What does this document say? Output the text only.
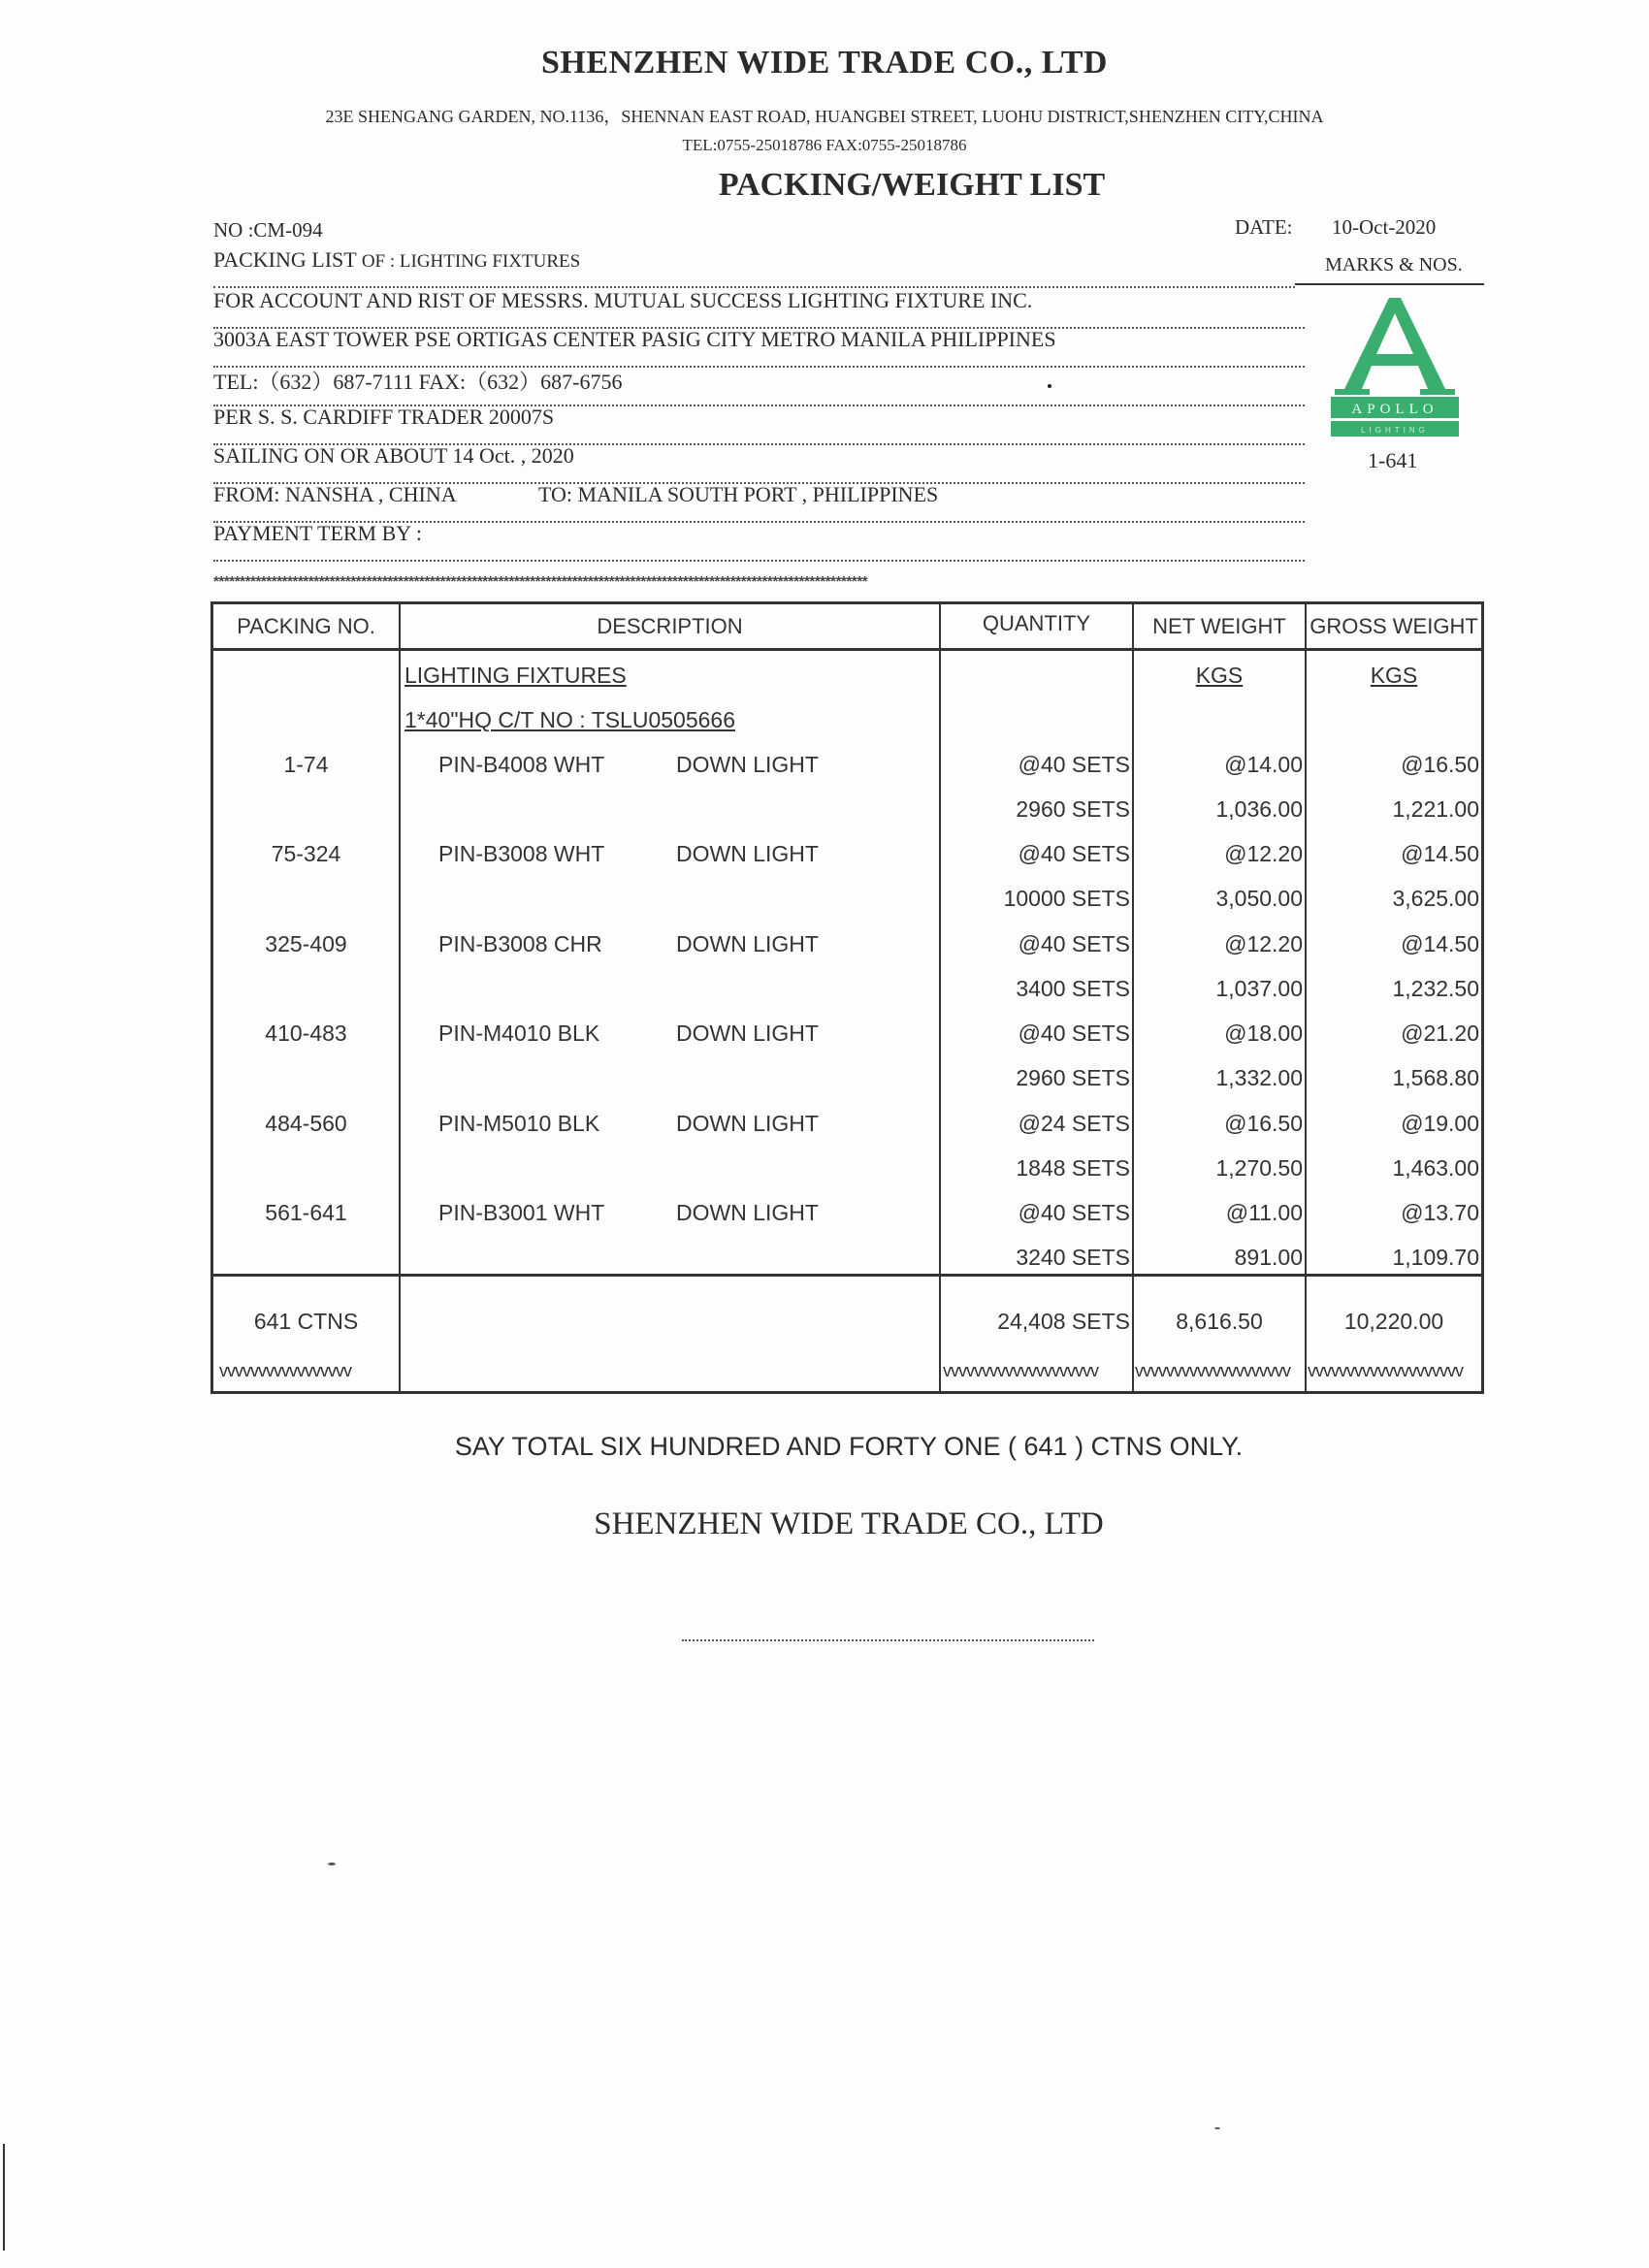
SHENZHEN WIDE TRADE CO., LTD
23E SHENGANG GARDEN, NO.1136，SHENNAN EAST ROAD, HUANGBEI STREET, LUOHU DISTRICT,SHENZHEN CITY,CHINA
TEL:0755-25018786 FAX:0755-25018786
PACKING/WEIGHT LIST
NO :CM-094	DATE: 10-Oct-2020
MARKS & NOS.
PACKING LIST OF : LIGHTING FIXTURES
FOR ACCOUNT AND RIST OF MESSRS. MUTUAL SUCCESS LIGHTING FIXTURE INC.
3003A EAST TOWER PSE ORTIGAS CENTER PASIG CITY METRO MANILA PHILIPPINES
TEL:（632）687-7111 FAX:（632）687-6756
PER S. S. CARDIFF TRADER 20007S
SAILING ON OR ABOUT 14 Oct. , 2020
FROM: NANSHA , CHINA	TO: MANILA SOUTH PORT , PHILIPPINES
PAYMENT TERM BY :
APOLLO
LIGHTING
1-641
****************************************************************************************************************************
PACKING NO.	DESCRIPTION	QUANTITY	NET WEIGHT	GROSS WEIGHT
LIGHTING FIXTURES
1*40"HQ C/T NO : TSLU0505666
KGS	KGS
1-74	PIN-B4008 WHT	DOWN LIGHT	@40 SETS	@14.00	@16.50
2960 SETS	1,036.00	1,221.00
75-324	PIN-B3008 WHT	DOWN LIGHT	@40 SETS	@12.20	@14.50
10000 SETS	3,050.00	3,625.00
325-409	PIN-B3008 CHR	DOWN LIGHT	@40 SETS	@12.20	@14.50
3400 SETS	1,037.00	1,232.50
410-483	PIN-M4010 BLK	DOWN LIGHT	@40 SETS	@18.00	@21.20
2960 SETS	1,332.00	1,568.80
484-560	PIN-M5010 BLK	DOWN LIGHT	@24 SETS	@16.50	@19.00
1848 SETS	1,270.50	1,463.00
561-641	PIN-B3001 WHT	DOWN LIGHT	@40 SETS	@11.00	@13.70
3240 SETS	891.00	1,109.70
641 CTNS	24,408 SETS	8,616.50	10,220.00
vvvvvvvvvvvvvvvvv	vvvvvvvvvvvvvvvvvvvv	vvvvvvvvvvvvvvvvvvvv	vvvvvvvvvvvvvvvvvvvv
SAY TOTAL SIX HUNDRED AND FORTY ONE ( 641 ) CTNS ONLY.
SHENZHEN WIDE TRADE CO., LTD
